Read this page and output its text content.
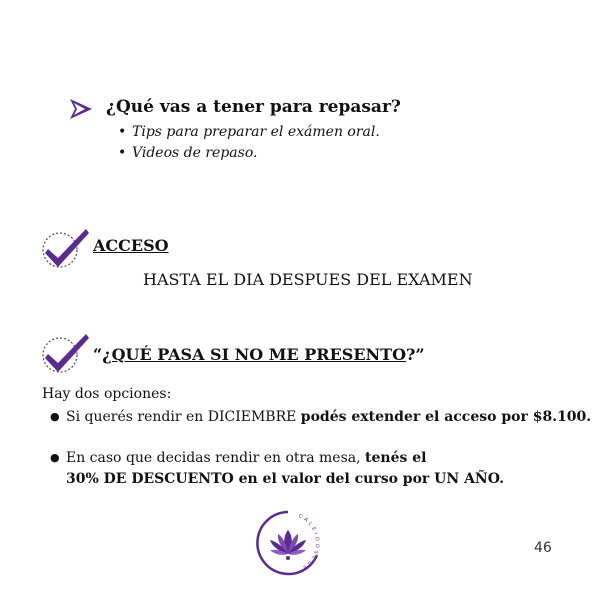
¿Qué vas a tener para repasar?
• Tips para preparar el exámen oral.
• Videos de repaso.
ACCESO
HASTA EL DIA DESPUES DEL EXAMEN
“¿QUÉ PASA SI NO ME PRESENTO?”
Hay dos opciones:
● Si querés rendir en DICIEMBRE podés extender el acceso por $8.100.
● En caso que decidas rendir en otra mesa, tenés el
30% DE DESCUENTO en el valor del curso por UN AÑO.
CALEIDOSCUE
46
